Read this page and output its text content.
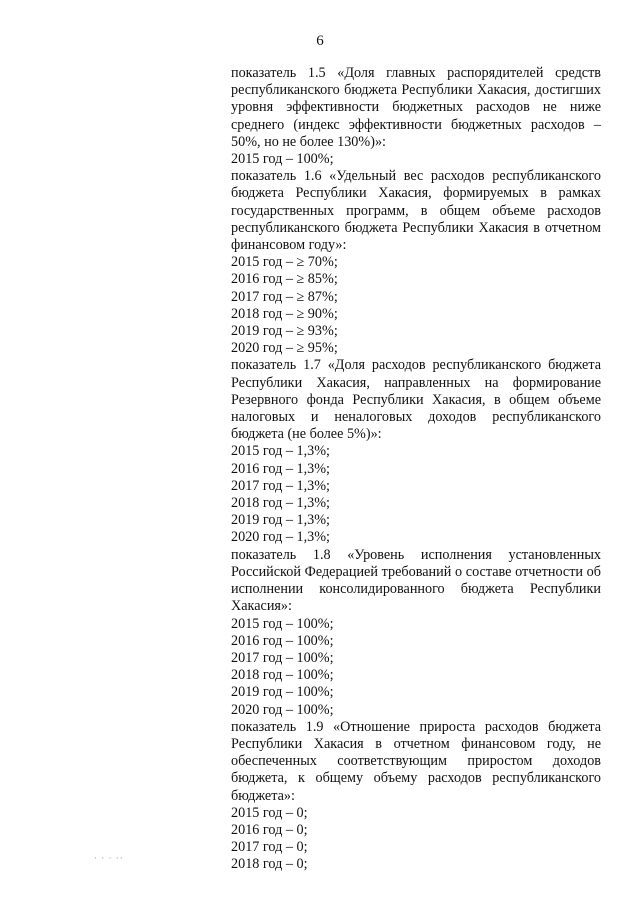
6

показатель 1.5 «Доля главных распорядителей средств республиканского бюджета Республики Хакасия, достигших уровня эффективности бюджетных расходов не ниже среднего (индекс эффективности бюджетных расходов – 50%, но не более 130%)»:

2015 год – 100%;

показатель 1.6 «Удельный вес расходов республиканского бюджета Республики Хакасия, формируемых в рамках государственных программ, в общем объеме расходов республиканского бюджета Республики Хакасия в отчетном финансовом году»:

2015 год – ≥ 70%;

2016 год – ≥ 85%;

2017 год – ≥ 87%;

2018 год – ≥ 90%;

2019 год – ≥ 93%;

2020 год – ≥ 95%;

показатель 1.7 «Доля расходов республиканского бюджета Республики Хакасия, направленных на формирование Резервного фонда Республики Хакасия, в общем объеме налоговых и неналоговых доходов республиканского бюджета (не более 5%)»:

2015 год – 1,3%;

2016 год – 1,3%;

2017 год – 1,3%;

2018 год – 1,3%;

2019 год – 1,3%;

2020 год – 1,3%;

показатель 1.8 «Уровень исполнения установленных Российской Федерацией требований о составе отчетности об исполнении консолидированного бюджета Республики Хакасия»:

2015 год – 100%;

2016 год – 100%;

2017 год – 100%;

2018 год – 100%;

2019 год – 100%;

2020 год – 100%;

показатель 1.9 «Отношение прироста расходов бюджета Республики Хакасия в отчетном финансовом году, не обеспеченных соответствующим приростом доходов бюджета, к общему объему расходов республиканского бюджета»:

2015 год – 0;

2016 год – 0;

2017 год – 0;

2018 год – 0;

· · · ··
